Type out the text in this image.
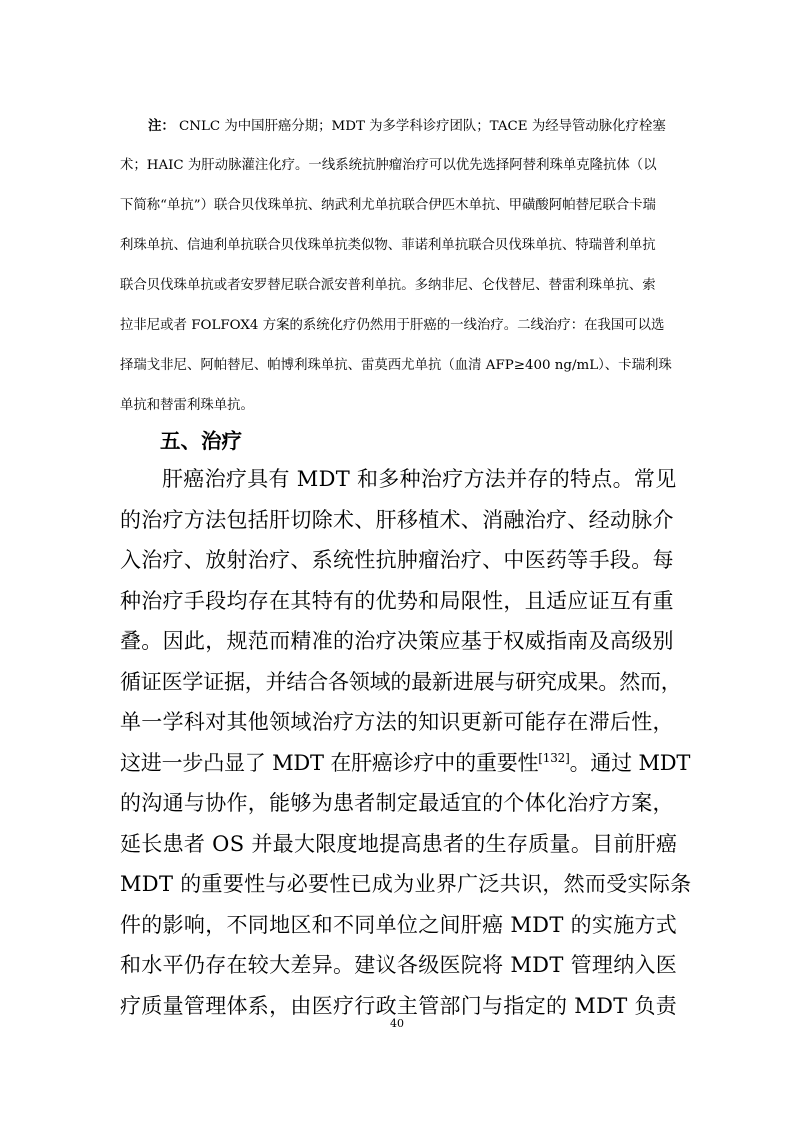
注： CNLC 为中国肝癌分期；MDT 为多学科诊疗团队；TACE 为经导管动脉化疗栓塞
术；HAIC 为肝动脉灌注化疗。一线系统抗肿瘤治疗可以优先选择阿替利珠单克隆抗体（以
下简称“单抗”）联合贝伐珠单抗、纳武利尤单抗联合伊匹木单抗、甲磺酸阿帕替尼联合卡瑞
利珠单抗、信迪利单抗联合贝伐珠单抗类似物、菲诺利单抗联合贝伐珠单抗、特瑞普利单抗
联合贝伐珠单抗或者安罗替尼联合派安普利单抗。多纳非尼、仑伐替尼、替雷利珠单抗、索
拉非尼或者 FOLFOX4 方案的系统化疗仍然用于肝癌的一线治疗。二线治疗：在我国可以选
择瑞戈非尼、阿帕替尼、帕博利珠单抗、雷莫西尤单抗（血清 AFP≥400 ng/mL）、卡瑞利珠
单抗和替雷利珠单抗。
五、治疗
肝癌治疗具有 MDT 和多种治疗方法并存的特点。常见
的治疗方法包括肝切除术、肝移植术、消融治疗、经动脉介
入治疗、放射治疗、系统性抗肿瘤治疗、中医药等手段。每
种治疗手段均存在其特有的优势和局限性，且适应证互有重
叠。因此，规范而精准的治疗决策应基于权威指南及高级别
循证医学证据，并结合各领域的最新进展与研究成果。然而，
单一学科对其他领域治疗方法的知识更新可能存在滞后性，
这进一步凸显了 MDT 在肝癌诊疗中的重要性[132]。通过 MDT
的沟通与协作，能够为患者制定最适宜的个体化治疗方案，
延长患者 OS 并最大限度地提高患者的生存质量。目前肝癌
MDT 的重要性与必要性已成为业界广泛共识，然而受实际条
件的影响，不同地区和不同单位之间肝癌 MDT 的实施方式
和水平仍存在较大差异。建议各级医院将 MDT 管理纳入医
疗质量管理体系，由医疗行政主管部门与指定的 MDT 负责

40
